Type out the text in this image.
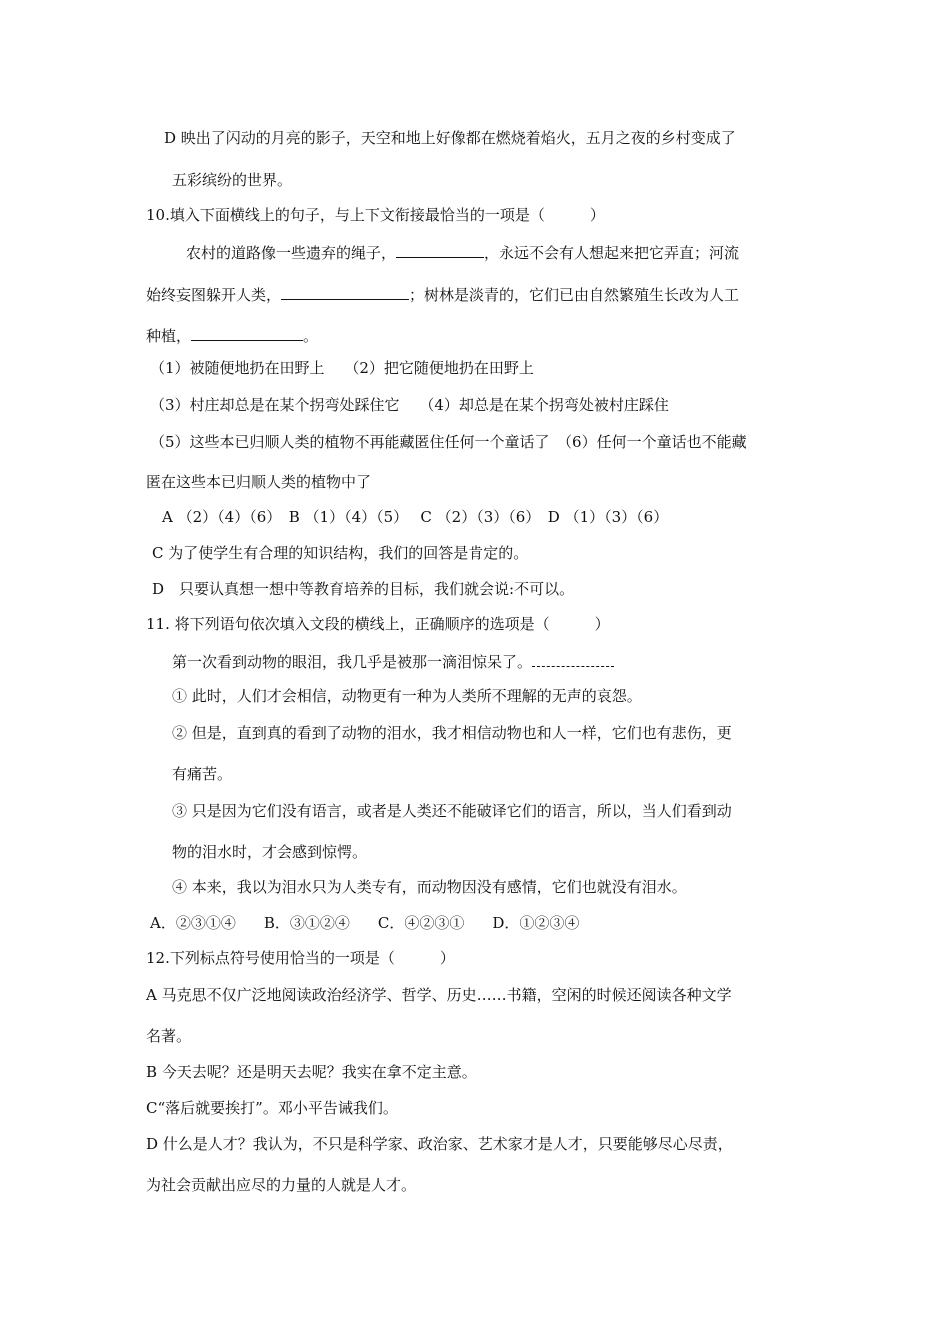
D 映出了闪动的月亮的影子，天空和地上好像都在燃烧着焰火，五月之夜的乡村变成了
五彩缤纷的世界。
10.填入下面横线上的句子，与上下文衔接最恰当的一项是（　　　）
农村的道路像一些遗弃的绳子，	，永远不会有人想起来把它弄直；河流
始终妄图躲开人类，	；树林是淡青的，它们已由自然繁殖生长改为人工
种植，	。
（1）被随便地扔在田野上　 （2）把它随便地扔在田野上
（3）村庄却总是在某个拐弯处踩住它　 （4）却总是在某个拐弯处被村庄踩住
（5）这些本已归顺人类的植物不再能藏匿住任何一个童话了　（6）任何一个童话也不能藏
匿在这些本已归顺人类的植物中了
A （2）（4）（6）　B （1）（4）（5）　 C （2）（3）（6）　D （1）（3）（6）
C 为了使学生有合理的知识结构，我们的回答是肯定的。
D　只要认真想一想中等教育培养的目标，我们就会说:不可以。
11. 将下列语句依次填入文段的横线上，正确顺序的选项是（　　　）
第一次看到动物的眼泪，我几乎是被那一滴泪惊呆了。
① 此时，人们才会相信，动物更有一种为人类所不理解的无声的哀怨。
② 但是，直到真的看到了动物的泪水，我才相信动物也和人一样，它们也有悲伤，更
有痛苦。
③ 只是因为它们没有语言，或者是人类还不能破译它们的语言，所以，当人们看到动
物的泪水时，才会感到惊愕。
④ 本来，我以为泪水只为人类专有，而动物因没有感情，它们也就没有泪水。
A．②③①④ B．③①②④ C．④②③① D．①②③④
12.下列标点符号使用恰当的一项是（　　　）
A 马克思不仅广泛地阅读政治经济学、哲学、历史……书籍，空闲的时候还阅读各种文学
名著。
B 今天去呢？还是明天去呢？我实在拿不定主意。
C“落后就要挨打”。邓小平告诫我们。
D 什么是人才？我认为，不只是科学家、政治家、艺术家才是人才，只要能够尽心尽责，
为社会贡献出应尽的力量的人就是人才。
